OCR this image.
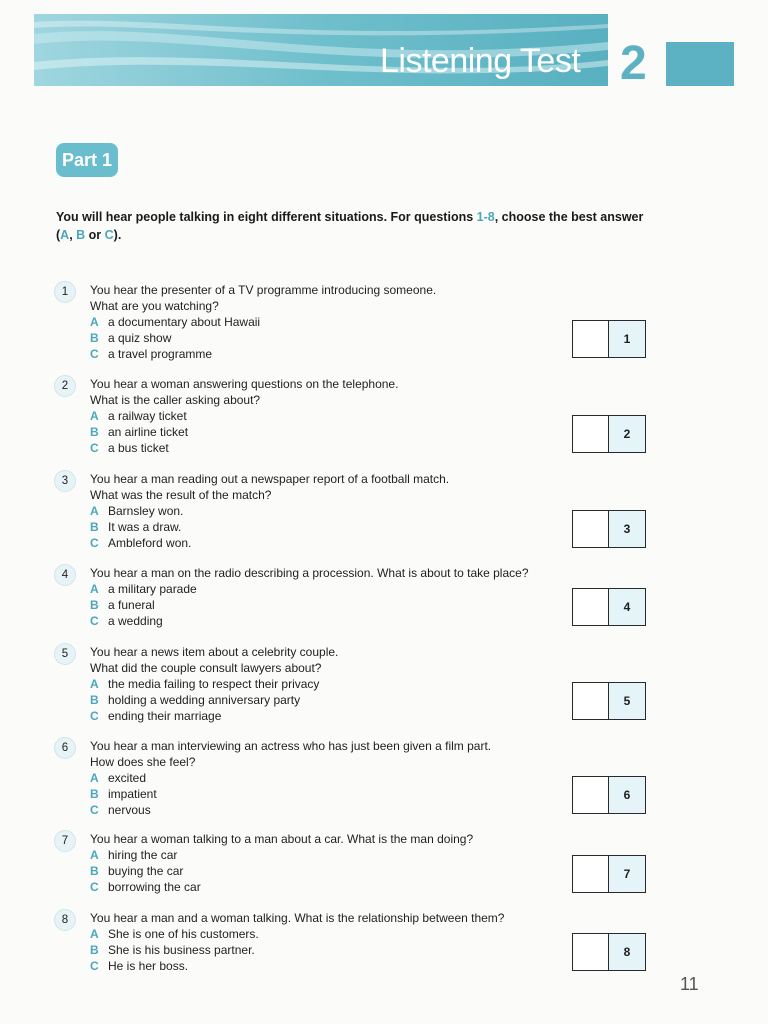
Listening Test 2
Part 1
You will hear people talking in eight different situations. For questions 1-8, choose the best answer (A, B or C).
1	You hear the presenter of a TV programme introducing someone.
What are you watching?
A a documentary about Hawaii
B a quiz show
C a travel programme
1
2	You hear a woman answering questions on the telephone.
What is the caller asking about?
A a railway ticket
B an airline ticket
C a bus ticket
2
3	You hear a man reading out a newspaper report of a football match.
What was the result of the match?
A Barnsley won.
B It was a draw.
C Ambleford won.
3
4	You hear a man on the radio describing a procession. What is about to take place?
A a military parade
B a funeral
C a wedding
4
5	You hear a news item about a celebrity couple.
What did the couple consult lawyers about?
A the media failing to respect their privacy
B holding a wedding anniversary party
C ending their marriage
5
6	You hear a man interviewing an actress who has just been given a film part.
How does she feel?
A excited
B impatient
C nervous
6
7	You hear a woman talking to a man about a car. What is the man doing?
A hiring the car
B buying the car
C borrowing the car
7
8	You hear a man and a woman talking. What is the relationship between them?
A She is one of his customers.
B She is his business partner.
C He is her boss.
8
11
